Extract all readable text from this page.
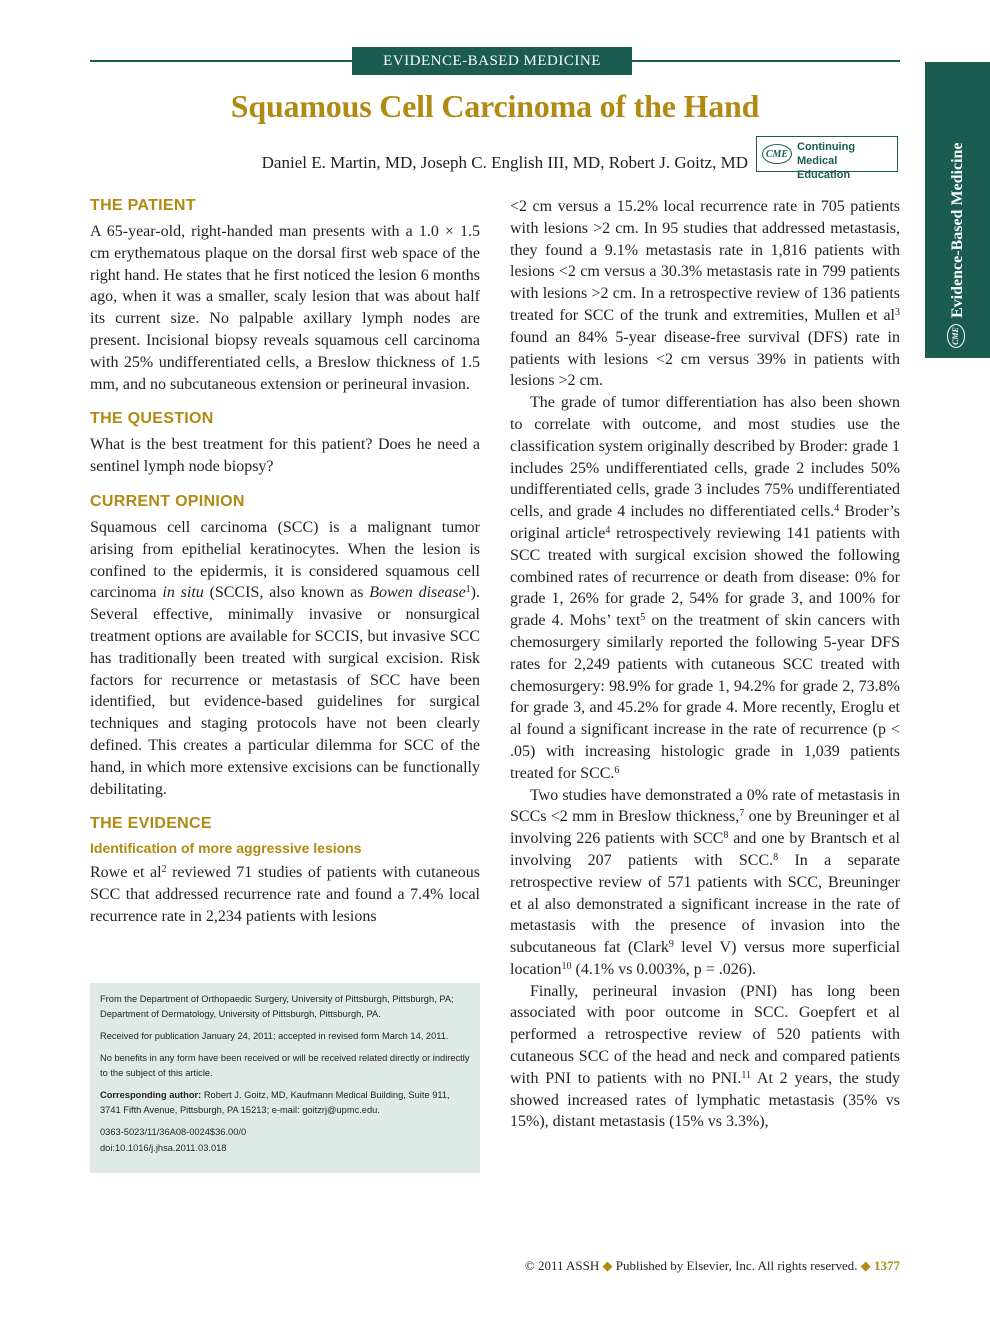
EVIDENCE-BASED MEDICINE
Squamous Cell Carcinoma of the Hand
Daniel E. Martin, MD, Joseph C. English III, MD, Robert J. Goitz, MD	CME
Continuing Medical
Education
CME
Evidence-Based Medicine
THE PATIENT

A 65-year-old, right-handed man presents with a 1.0 × 1.5 cm erythematous plaque on the dorsal first web space of the right hand. He states that he first noticed the lesion 6 months ago, when it was a smaller, scaly lesion that was about half its current size. No palpable axillary lymph nodes are present. Incisional biopsy reveals squamous cell carcinoma with 25% undifferentiated cells, a Breslow thickness of 1.5 mm, and no subcutaneous extension or perineural invasion.

THE QUESTION

What is the best treatment for this patient? Does he need a sentinel lymph node biopsy?

CURRENT OPINION

Squamous cell carcinoma (SCC) is a malignant tumor arising from epithelial keratinocytes. When the lesion is confined to the epidermis, it is considered squamous cell carcinoma in situ (SCCIS, also known as Bowen disease$^1$). Several effective, minimally invasive or nonsurgical treatment options are available for SCCIS, but invasive SCC has traditionally been treated with surgical excision. Risk factors for recurrence or metastasis of SCC have been identified, but evidence-based guidelines for surgical techniques and staging protocols have not been clearly defined. This creates a particular dilemma for SCC of the hand, in which more extensive excisions can be functionally debilitating.

THE EVIDENCE
Identification of more aggressive lesions

Rowe et $al^2$ reviewed 71 studies of patients with cutaneous SCC that addressed recurrence rate and found a 7.4% local recurrence rate in 2,234 patients with lesions

From the Department of Orthopaedic Surgery, University of Pittsburgh, Pittsburgh, PA; Department of Dermatology, University of Pittsburgh, Pittsburgh, PA.

Received for publication January 24, 2011; accepted in revised form March 14, 2011.

No benefits in any form have been received or will be received related directly or indirectly to the subject of this article.

Corresponding author: Robert J. Goitz, MD, Kaufmann Medical Building, Suite 911, 3741 Fifth Avenue, Pittsburgh, PA 15213; e-mail: goitzrj@upmc.edu.

0363-5023/11/36A08-0024$36.00/0
doi:10.1016/j.jhsa.2011.03.018

<2 cm versus a 15.2% local recurrence rate in 705 patients with lesions >2 cm. In 95 studies that addressed metastasis, they found a 9.1% metastasis rate in 1,816 patients with lesions <2 cm versus a 30.3% metastasis rate in 799 patients with lesions >2 cm. In a retrospective review of 136 patients treated for SCC of the trunk and extremities, Mullen et $al^3$ found an 84% 5-year disease-free survival (DFS) rate in patients with lesions <2 cm versus 39% in patients with lesions >2 cm.

The grade of tumor differentiation has also been shown to correlate with outcome, and most studies use the classification system originally described by Broder: grade 1 includes 25% undifferentiated cells, grade 2 includes 50% undifferentiated cells, grade 3 includes 75% undifferentiated cells, and grade 4 includes no differentiated cells.$^4$ Broder’s original article$^4$ retrospectively reviewing 141 patients with SCC treated with surgical excision showed the following combined rates of recurrence or death from disease: 0% for grade 1, 26% for grade 2, 54% for grade 3, and 100% for grade 4. Mohs’ text$^5$ on the treatment of skin cancers with chemosurgery similarly reported the following 5-year DFS rates for 2,249 patients with cutaneous SCC treated with chemosurgery: 98.9% for grade 1, 94.2% for grade 2, 73.8% for grade 3, and 45.2% for grade 4. More recently, Eroglu et al found a significant increase in the rate of recurrence (p < .05) with increasing histologic grade in 1,039 patients treated for SCC.$^6$

Two studies have demonstrated a 0% rate of metastasis in SCCs <2 mm in Breslow thickness,$^7$ one by Breuninger et al involving 226 patients with SCC$^8$ and one by Brantsch et al involving 207 patients with SCC.$^8$ In a separate retrospective review of 571 patients with SCC, Breuninger et al also demonstrated a significant increase in the rate of metastasis with the presence of invasion into the subcutaneous fat (Clark$^9$ level V) versus more superficial location$^{10}$ (4.1% vs 0.003%, p = .026).

Finally, perineural invasion (PNI) has long been associated with poor outcome in SCC. Goepfert et al performed a retrospective review of 520 patients with cutaneous SCC of the head and neck and compared patients with PNI to patients with no PNI.$^{11}$ At 2 years, the study showed increased rates of lymphatic metastasis (35% vs 15%), distant metastasis (15% vs 3.3%),

© 2011 ASSH ◆ Published by Elsevier, Inc. All rights reserved. ◆ 1377
